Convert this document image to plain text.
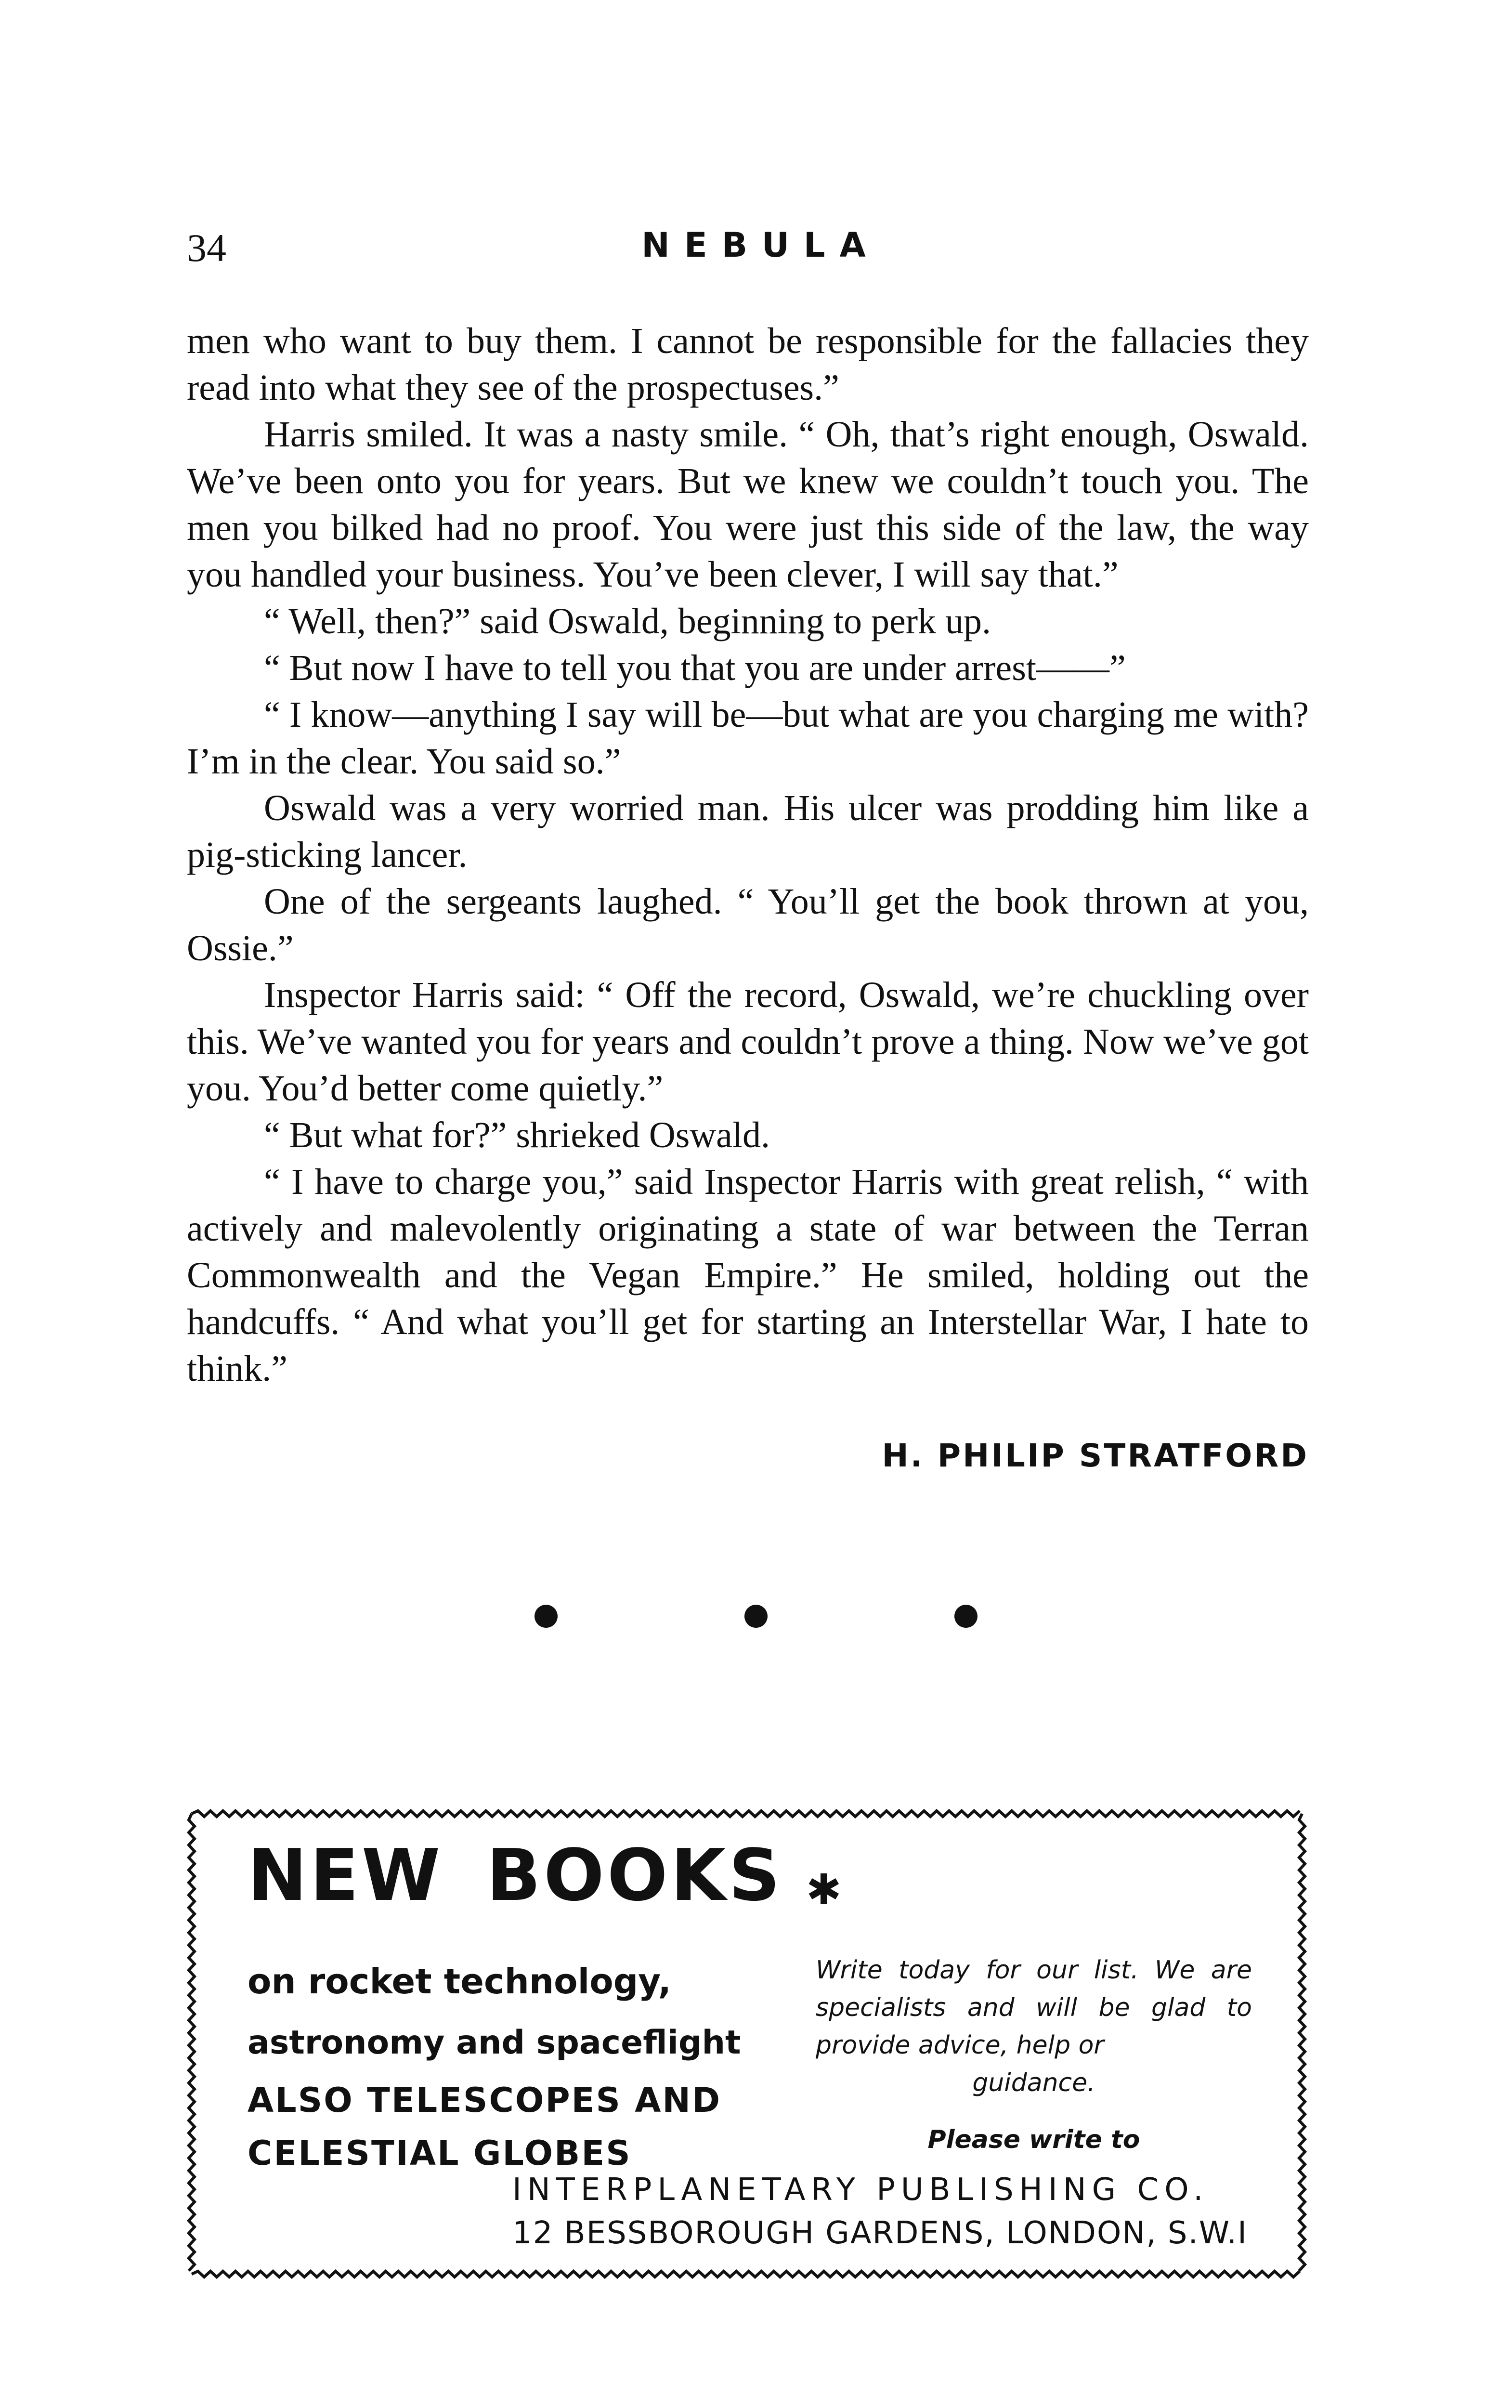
34	NEBULA

men who want to buy them. I cannot be responsible for the fallacies they read into what they see of the prospectuses.”

Harris smiled. It was a nasty smile. “ Oh, that’s right enough, Oswald. We’ve been onto you for years. But we knew we couldn’t touch you. The men you bilked had no proof. You were just this side of the law, the way you handled your business. You’ve been clever, I will say that.”

“ Well, then?” said Oswald, beginning to perk up.

“ But now I have to tell you that you are under arrest——”

“ I know—anything I say will be—but what are you charging me with? I’m in the clear. You said so.”

Oswald was a very worried man. His ulcer was prodding him like a pig-sticking lancer.

One of the sergeants laughed. “ You’ll get the book thrown at you, Ossie.”

Inspector Harris said: “ Off the record, Oswald, we’re chuckling over this. We’ve wanted you for years and couldn’t prove a thing. Now we’ve got you. You’d better come quietly.”

“ But what for?” shrieked Oswald.

“ I have to charge you,” said Inspector Harris with great relish, “ with actively and malevolently originating a state of war between the Terran Commonwealth and the Vegan Empire.” He smiled, holding out the handcuffs. “ And what you’ll get for starting an Interstellar War, I hate to think.”

H. PHILIP STRATFORD
NEW BOOKS ✱
on rocket technology,
astronomy and spaceflight
ALSO TELESCOPES AND
CELESTIAL GLOBES
Write today for our list. We are specialists and will be glad to provide advice, help or
guidance.
Please write to
INTERPLANETARY PUBLISHING CO.
12 BESSBOROUGH GARDENS, LONDON, S.W.I
